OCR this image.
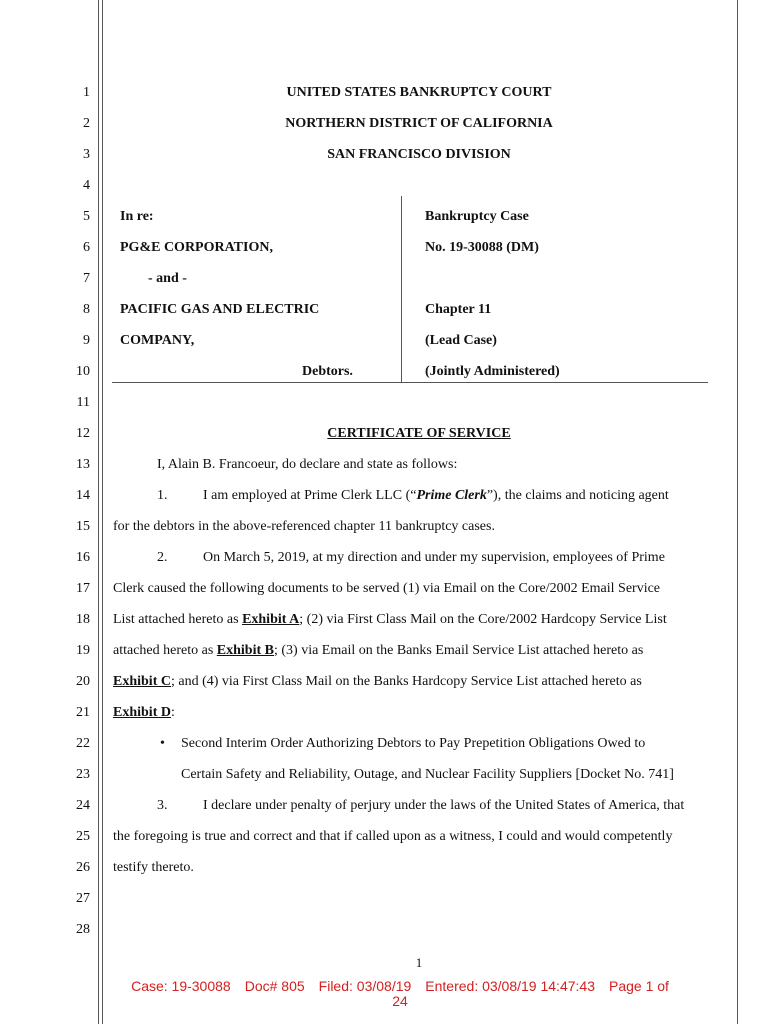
1
2
3
4
5
6
7
8
9
10
11
12
13
14
15
16
17
18
19
20
21
22
23
24
25
26
27
28
UNITED STATES BANKRUPTCY COURT
NORTHERN DISTRICT OF CALIFORNIA
SAN FRANCISCO DIVISION
In re:
PG&E CORPORATION,
- and -
PACIFIC GAS AND ELECTRIC
COMPANY,
Debtors.
Bankruptcy Case
No. 19-30088 (DM)
Chapter 11
(Lead Case)
(Jointly Administered)
CERTIFICATE OF SERVICE
I, Alain B. Francoeur, do declare and state as follows:
1.	I am employed at Prime Clerk LLC (“Prime Clerk”), the claims and noticing agent
for the debtors in the above-referenced chapter 11 bankruptcy cases.
2.	On March 5, 2019, at my direction and under my supervision, employees of Prime
Clerk caused the following documents to be served (1) via Email on the Core/2002 Email Service
List attached hereto as Exhibit A; (2) via First Class Mail on the Core/2002 Hardcopy Service List
attached hereto as Exhibit B; (3) via Email on the Banks Email Service List attached hereto as
Exhibit C; and (4) via First Class Mail on the Banks Hardcopy Service List attached hereto as
Exhibit D:
• Second Interim Order Authorizing Debtors to Pay Prepetition Obligations Owed to
Certain Safety and Reliability, Outage, and Nuclear Facility Suppliers [Docket No. 741]
3.	I declare under penalty of perjury under the laws of the United States of America, that
the foregoing is true and correct and that if called upon as a witness, I could and would competently
testify thereto.
1
Case: 19-30088 Doc# 805 Filed: 03/08/19 Entered: 03/08/19 14:47:43 Page 1 of
24
